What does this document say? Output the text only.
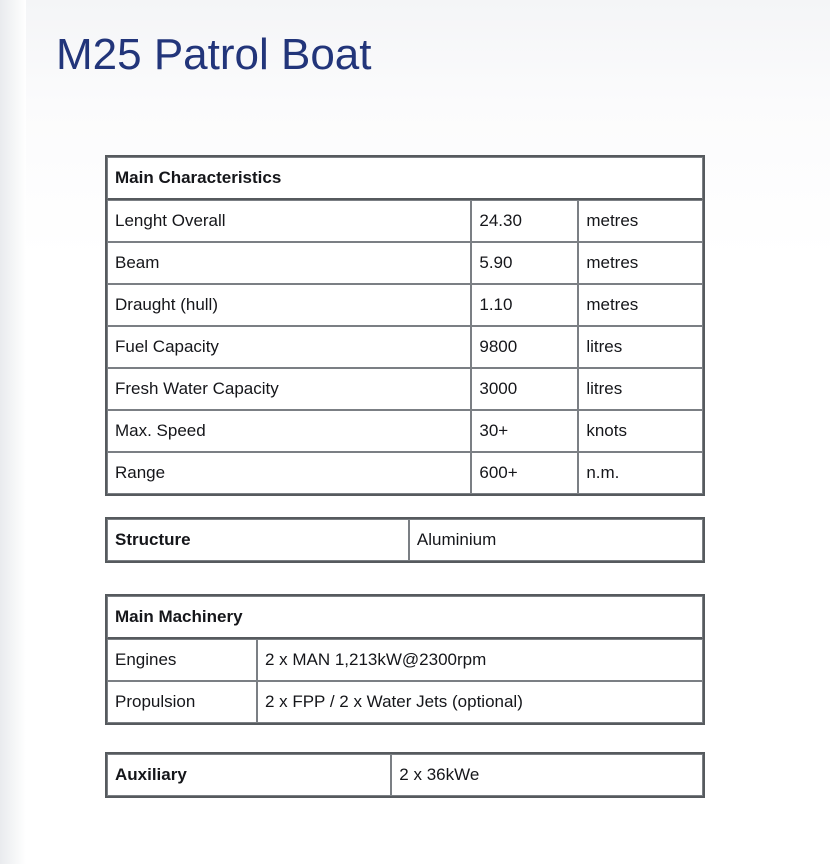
M25 Patrol Boat
Main Characteristics		
Lenght Overall	24.30	metres
Beam	5.90	metres
Draught (hull)	1.10	metres
Fuel Capacity	9800	litres
Fresh Water Capacity	3000	litres
Max. Speed	30+	knots
Range	600+	n.m.
Structure	Aluminium
Main Machinery	
Engines	2 x MAN 1,213kW@2300rpm
Propulsion	2 x FPP / 2 x Water Jets (optional)
Auxiliary	2 x 36kWe
